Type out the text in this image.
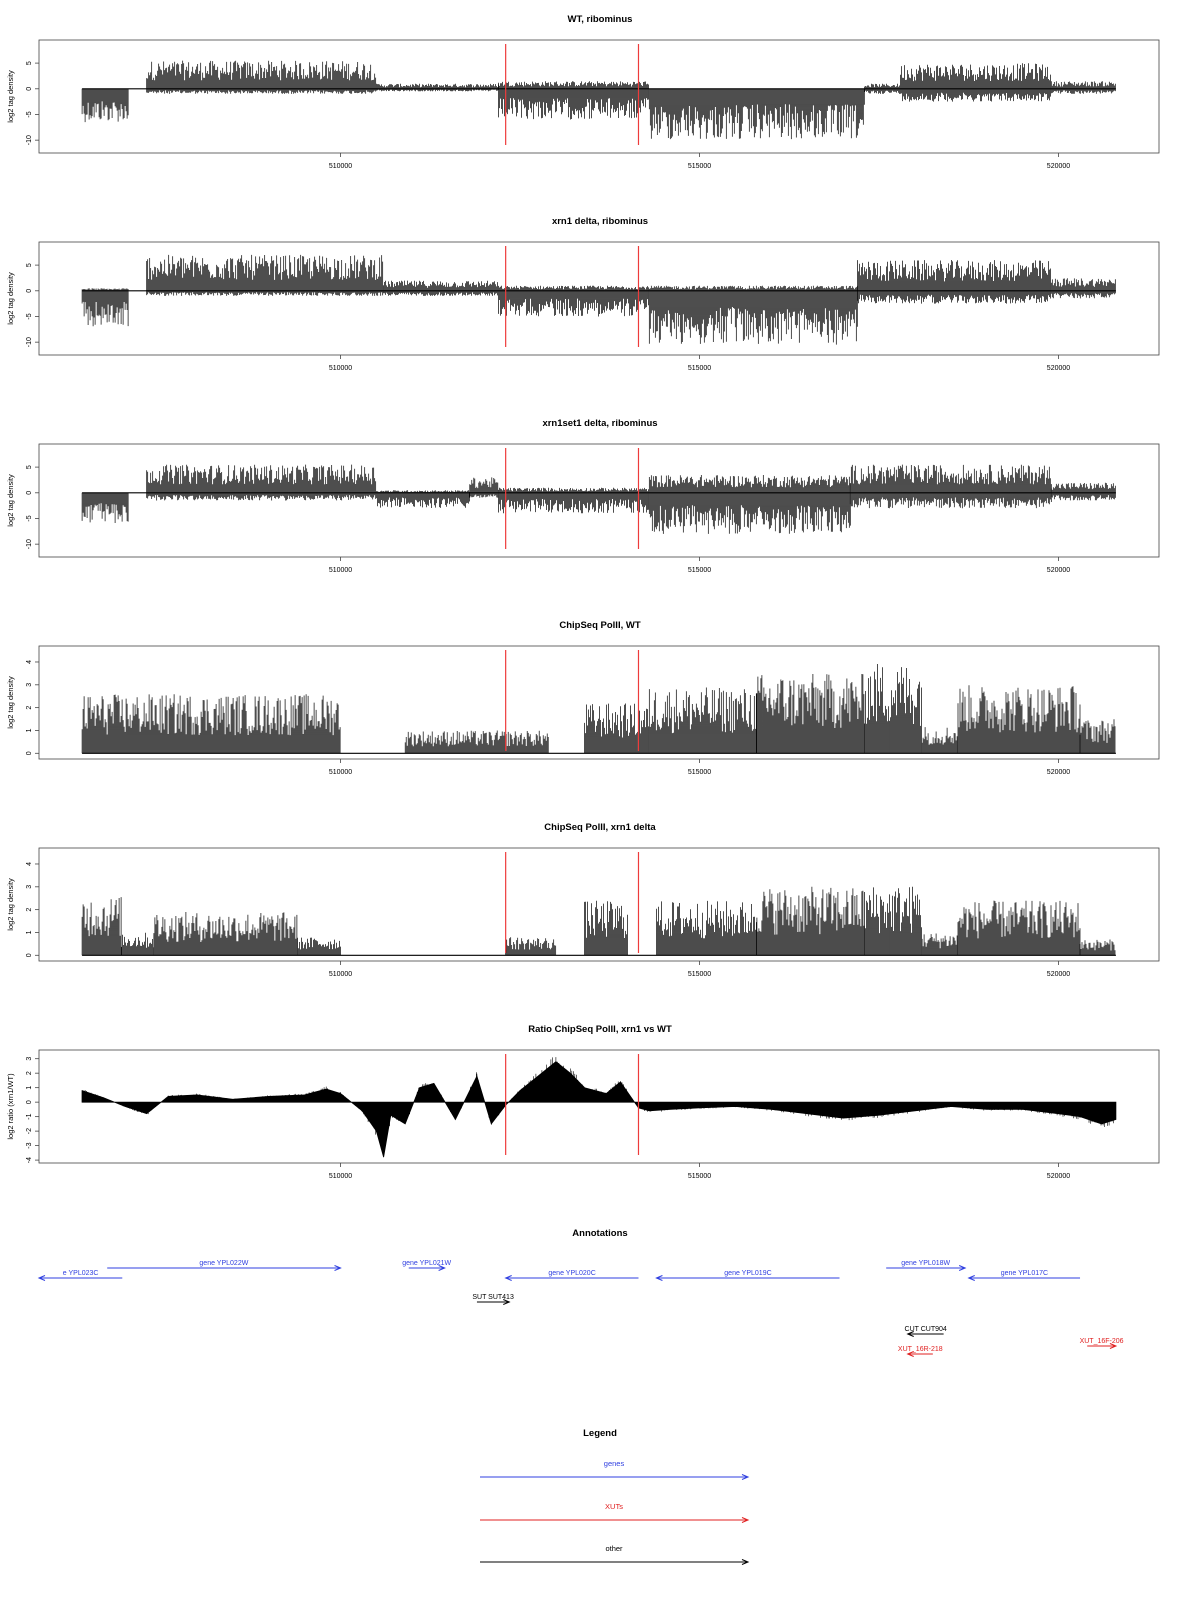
WT, ribominus
-10
-5
0
5
log2 tag density
510000	515000	520000
xrn1 delta, ribominus
-10
-5
0
5
log2 tag density
510000	515000	520000
xrn1set1 delta, ribominus
-10
-5
0
5
log2 tag density
510000	515000	520000
ChipSeq PolII, WT
0
1
2
3
4
log2 tag density
510000	515000	520000
ChipSeq PolII, xrn1 delta
0
1
2
3
4
log2 tag density
510000	515000	520000
Ratio ChipSeq PolII, xrn1 vs WT
-4
-3
-2
-1
0
1
2
3
log2 ratio (xrn1/WT)
510000	515000	520000
Annotations
e YPL023C
gene YPL022W	gene YPL021W
gene YPL020C	gene YPL019C
gene YPL018W
gene YPL017C
SUT SUT413
CUT CUT904
XUT_16R-218
XUT_16F-206
Legend
genes
XUTs
other
